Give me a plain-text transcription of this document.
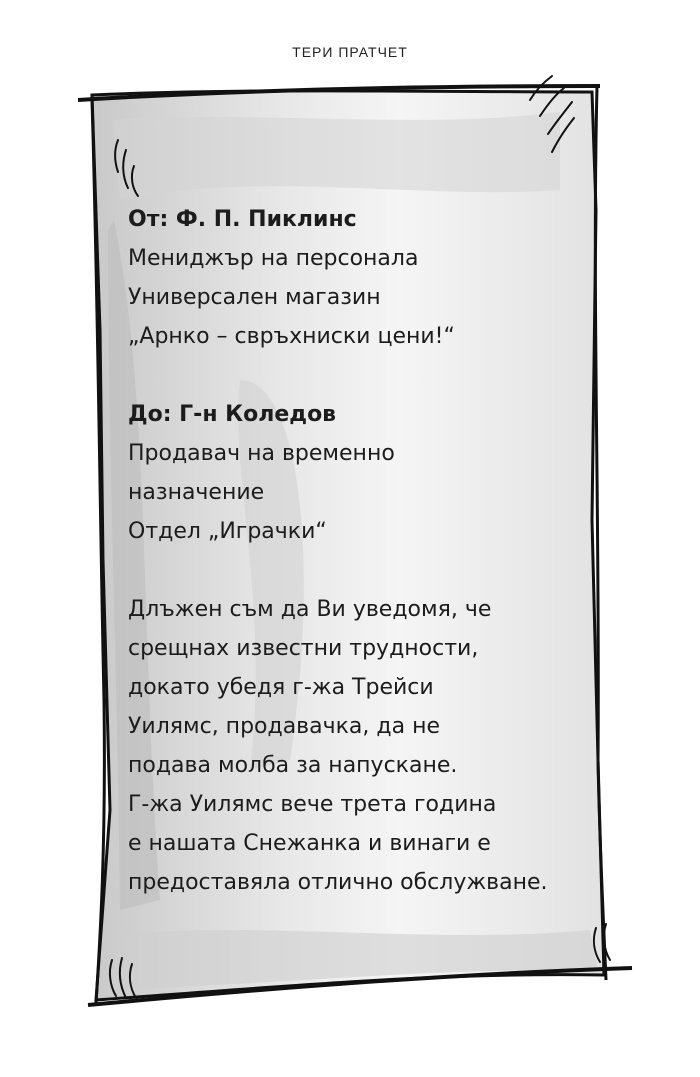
ТЕРИ ПРАТЧЕТ
От: Ф. П. Пиклинс
Мениджър на персонала
Универсален магазин
„Арнко – свръхниски цени!“
До: Г-н Коледов
Продавач на временно
назначение
Отдел „Играчки“
Длъжен съм да Ви уведомя, че
срещнах известни трудности,
докато убедя г-жа Трейси
Уилямс, продавачка, да не
подава молба за напускане.
Г-жа Уилямс вече трета година
е нашата Снежанка и винаги е
предоставяла отлично обслужване.
